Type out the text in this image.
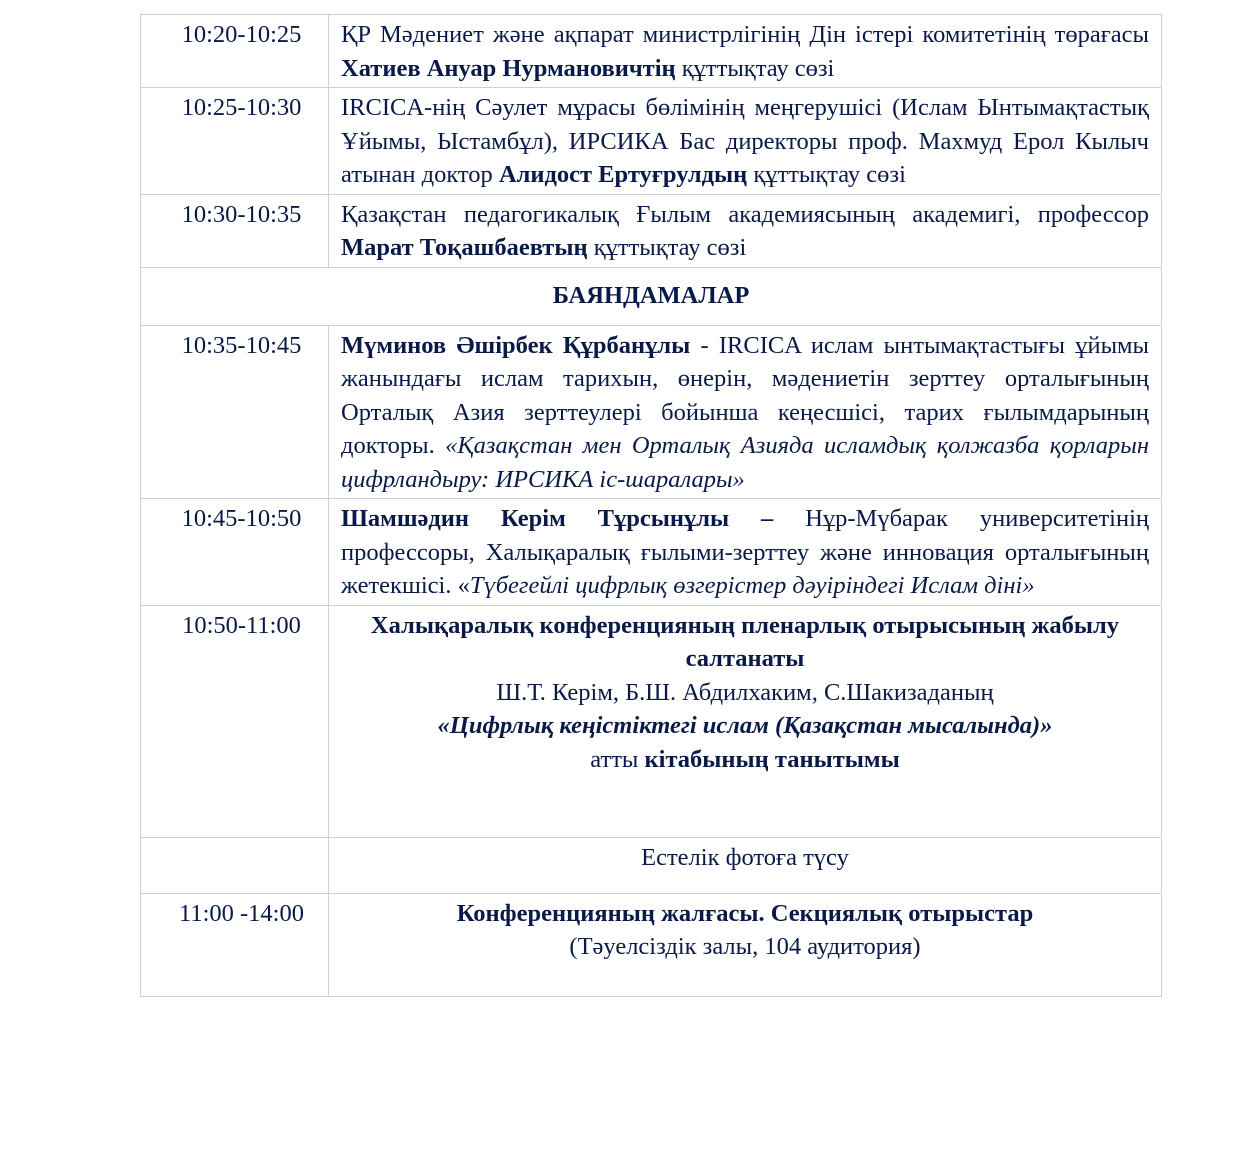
10:20-10:25	ҚР Мәдениет және ақпарат министрлігінің Дін істері комитетінің төрағасы Хатиев Ануар Нурмановичтің құттықтау сөзі

10:25-10:30	IRCICA-нің Сәулет мұрасы бөлімінің меңгерушісі (Ислам Ынтымақтастық Ұйымы, Ыстамбұл), ИРСИКА Бас директоры проф. Махмуд Ерол Кылыч атынан доктор Алидост Ертуғрулдың құттықтау сөзі

10:30-10:35	Қазақстан педагогикалық Ғылым академиясының академигі, профессор Марат Тоқашбаевтың құттықтау сөзі

БАЯНДАМАЛАР	
10:35-10:45	Мүминов Әшірбек Құрбанұлы - IRCICA ислам ынтымақтастығы ұйымы жанындағы ислам тарихын, өнерін, мәдениетін зерттеу орталығының Орталық Азия зерттеулері бойынша кеңесшісі, тарих ғылымдарының докторы. «Қазақстан мен Орталық Азияда исламдық қолжазба қорларын цифрландыру: ИРСИКА іс-шаралары»

10:45-10:50	Шамшәдин Керім Тұрсынұлы – Нұр-Мүбарак университетінің профессоры, Халықаралық ғылыми-зерттеу және инновация орталығының жетекшісі. «Түбегейлі цифрлық өзгерістер дәуіріндегі Ислам діні»

10:50-11:00	Халықаралық конференцияның пленарлық отырысының жабылу салтанаты

Ш.Т. Керім, Б.Ш. Абдилхаким, С.Шакизаданың

«Цифрлық кеңістіктегі ислам (Қазақстан мысалында)»

атты кітабының танытымы

	Естелік фотоға түсу

11:00 -14:00	Конференцияның жалғасы. Секциялық отырыстар

(Тәуелсіздік залы, 104 аудитория)
